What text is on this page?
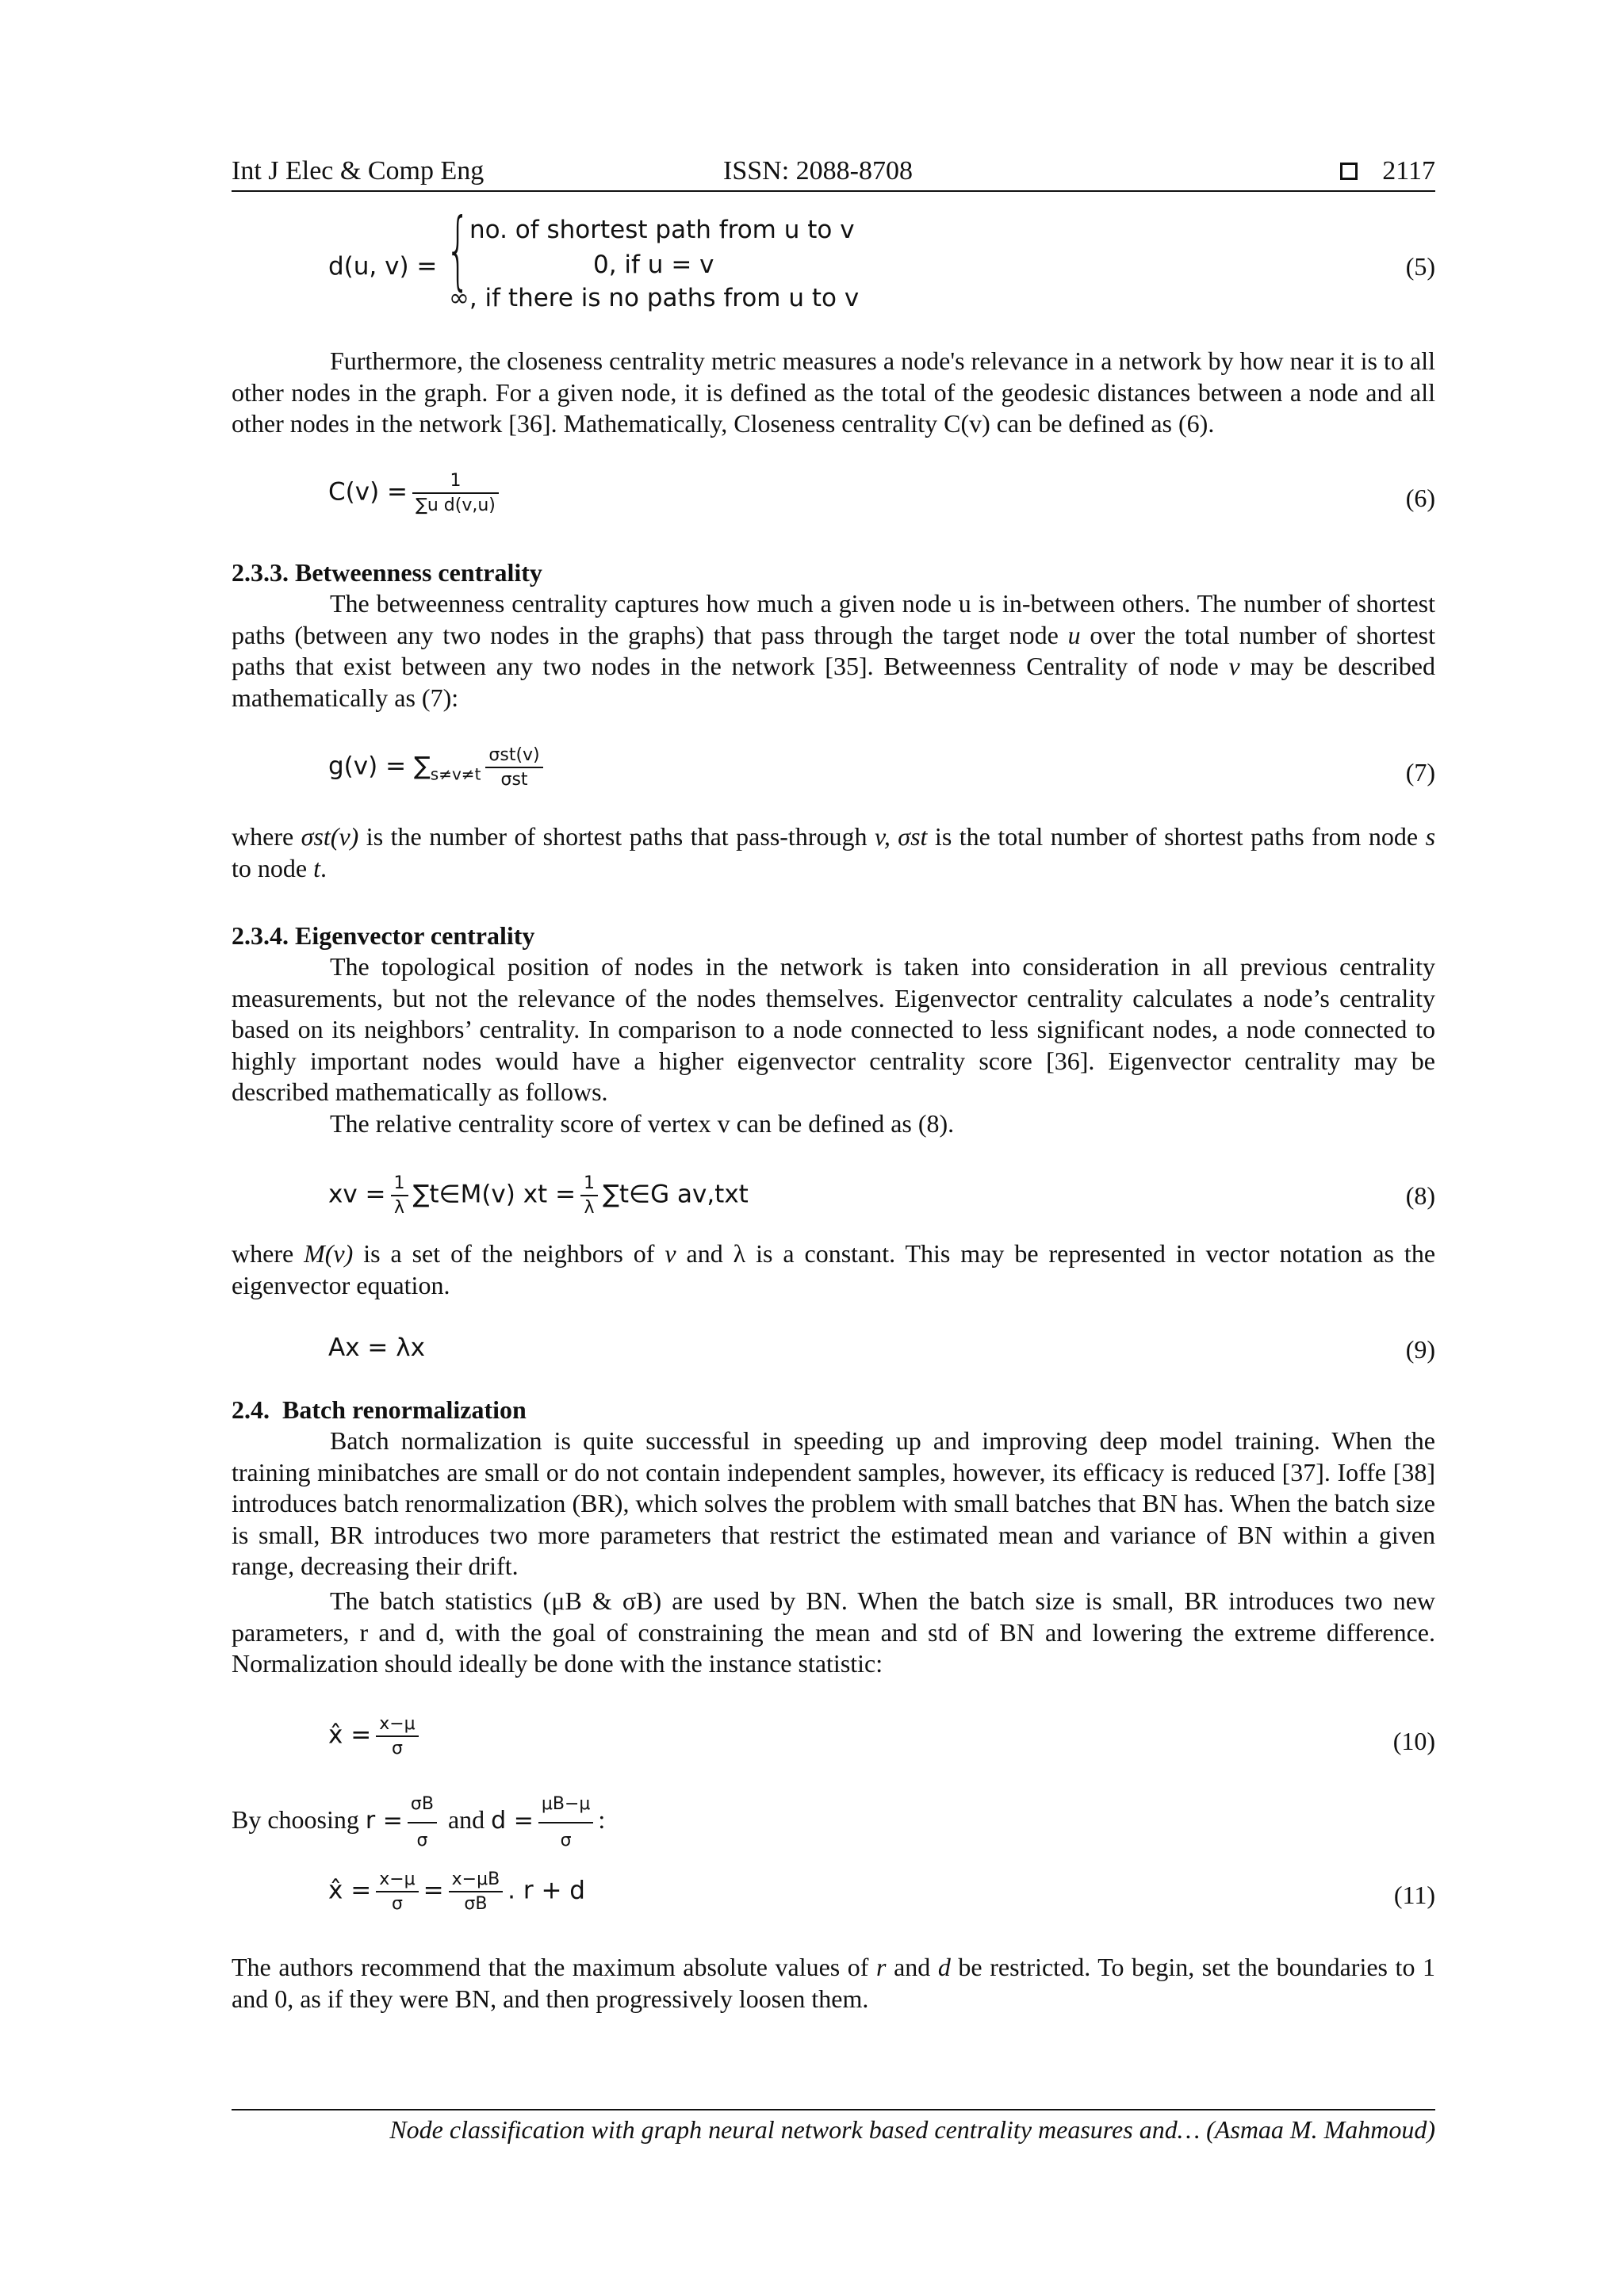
Int J Elec & Comp Eng	ISSN: 2088-8708	2117
d(u, v) = { no. of shortest path from u to v
0, if u = v
∞, if there is no paths from u to v
(5)
Furthermore, the closeness centrality metric measures a node's relevance in a network by how near it is to all other nodes in the graph. For a given node, it is defined as the total of the geodesic distances between a node and all other nodes in the network [36]. Mathematically, Closeness centrality C(v) can be defined as (6).
$C(v) = \frac{1}{\text{∑u d(v,u)}}$	(6)
2.3.3. Betweenness centrality
The betweenness centrality captures how much a given node u is in-between others. The number of shortest paths (between any two nodes in the graphs) that pass through the target node u over the total number of shortest paths that exist between any two nodes in the network [35]. Betweenness Centrality of node v may be described mathematically as (7):
$g(v) = \sum_{s\ne v\ne t} \frac{\text{σst(v)}}{\text{σst}}$	(7)
where σst(v) is the number of shortest paths that pass-through v, σst is the total number of shortest paths from node s to node t.
2.3.4. Eigenvector centrality
The topological position of nodes in the network is taken into consideration in all previous centrality measurements, but not the relevance of the nodes themselves. Eigenvector centrality calculates a node’s centrality based on its neighbors’ centrality. In comparison to a node connected to less significant nodes, a node connected to highly important nodes would have a higher eigenvector centrality score [36]. Eigenvector centrality may be described mathematically as follows.
The relative centrality score of vertex v can be defined as (8).
xv = $\frac{1}{\lambda}$ ∑t∈M(v) xt = $\frac{1}{\lambda}$ ∑t∈G av,txt	(8)
where M(v) is a set of the neighbors of v and λ is a constant. This may be represented in vector notation as the eigenvector equation.
Ax = λx	(9)
2.4.  Batch renormalization
Batch normalization is quite successful in speeding up and improving deep model training. When the training minibatches are small or do not contain independent samples, however, its efficacy is reduced [37]. Ioffe [38] introduces batch renormalization (BR), which solves the problem with small batches that BN has. When the batch size is small, BR introduces two more parameters that restrict the estimated mean and variance of BN within a given range, decreasing their drift.
The batch statistics (μB & σB) are used by BN. When the batch size is small, BR introduces two new parameters, r and d, with the goal of constraining the mean and std of BN and lowering the extreme difference. Normalization should ideally be done with the instance statistic:
x̂ = $\frac{x-\mu}{\sigma}$	(10)
By choosing $r = \frac{\sigma B}{\sigma}$ and $d = \frac{\mu B-\mu}{\sigma}$ :
x̂ = $\frac{x-\mu}{\sigma} = \frac{x-\mu B}{\sigma B}$ . r + d	(11)
The authors recommend that the maximum absolute values of r and d be restricted. To begin, set the boundaries to 1 and 0, as if they were BN, and then progressively loosen them.
Node classification with graph neural network based centrality measures and… (Asmaa M. Mahmoud)
